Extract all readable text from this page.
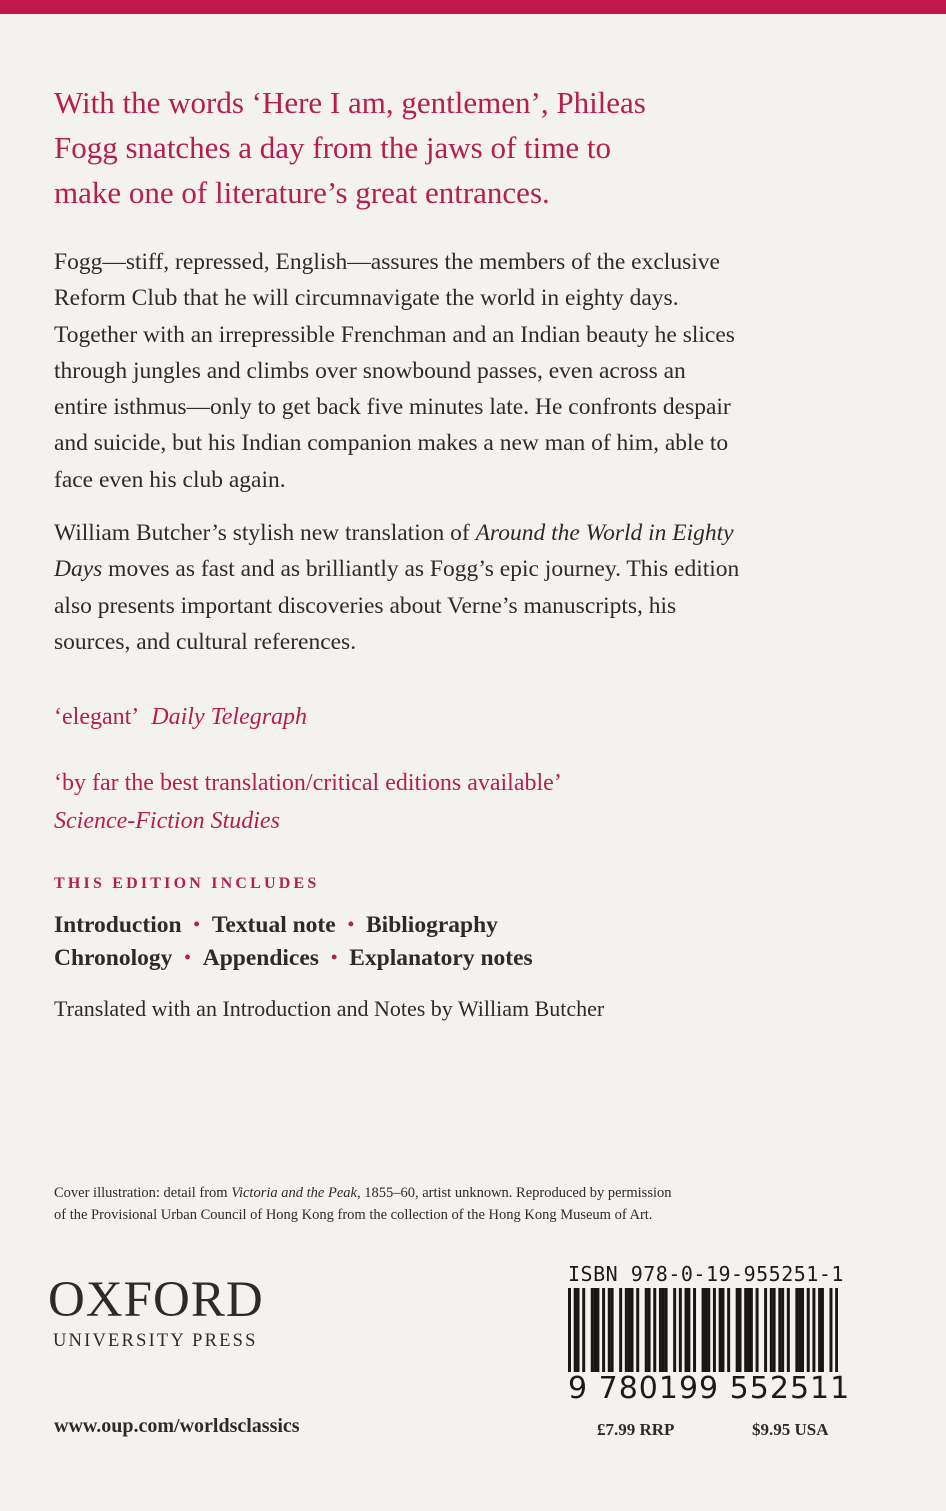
With the words ‘Here I am, gentlemen’, Phileas
Fogg snatches a day from the jaws of time to
make one of literature’s great entrances.
Fogg—stiff, repressed, English—assures the members of the exclusive
Reform Club that he will circumnavigate the world in eighty days.
Together with an irrepressible Frenchman and an Indian beauty he slices
through jungles and climbs over snowbound passes, even across an
entire isthmus—only to get back five minutes late. He confronts despair
and suicide, but his Indian companion makes a new man of him, able to
face even his club again.
William Butcher’s stylish new translation of Around the World in Eighty
Days moves as fast and as brilliantly as Fogg’s epic journey. This edition
also presents important discoveries about Verne’s manuscripts, his
sources, and cultural references.
‘elegant’ Daily Telegraph
‘by far the best translation/critical editions available’
Science-Fiction Studies
THIS EDITION INCLUDES
Introduction • Textual note • Bibliography
Chronology • Appendices • Explanatory notes
Translated with an Introduction and Notes by William Butcher
Cover illustration: detail from Victoria and the Peak, 1855–60, artist unknown. Reproduced by permission
of the Provisional Urban Council of Hong Kong from the collection of the Hong Kong Museum of Art.
OXFORD
UNIVERSITY PRESS
www.oup.com/worldsclassics
ISBN 978-0-19-955251-1
9 780199 552511
£7.99 RRP	$9.95 USA
